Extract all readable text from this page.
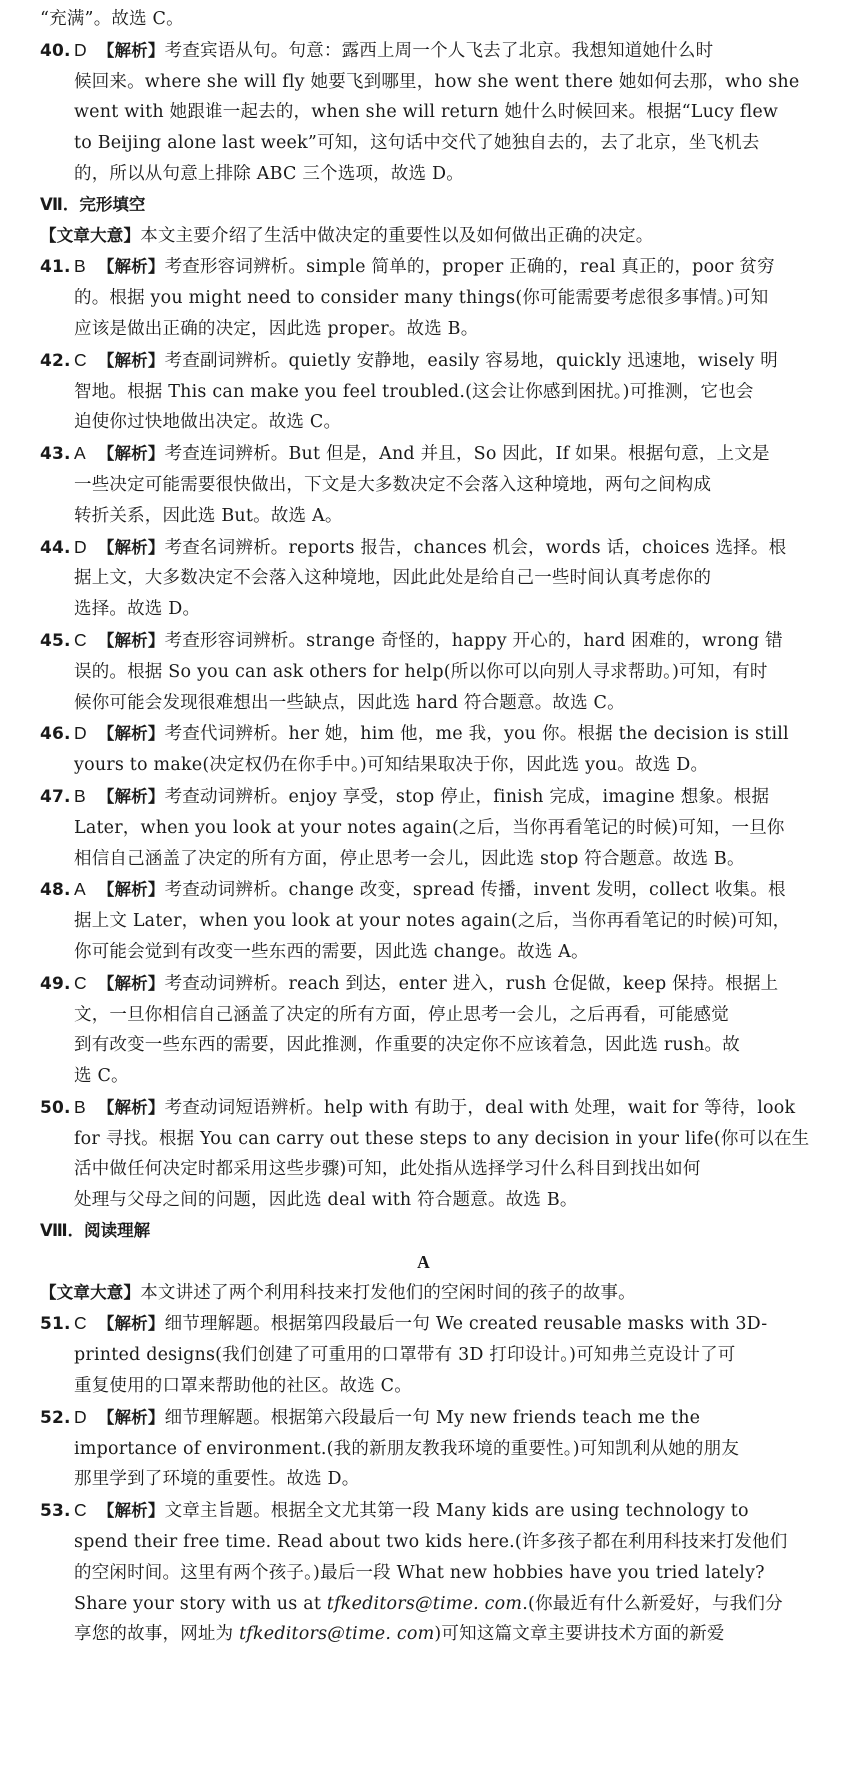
“充满”。故选 C。
40. D 【解析】考查宾语从句。句意：露西上周一个人飞去了北京。我想知道她什么时
候回来。where she will fly 她要飞到哪里，how she went there 她如何去那，who she
went with 她跟谁一起去的，when she will return 她什么时候回来。根据“Lucy flew
to Beijing alone last week”可知，这句话中交代了她独自去的，去了北京，坐飞机去
的，所以从句意上排除 ABC 三个选项，故选 D。
Ⅶ．完形填空
【文章大意】本文主要介绍了生活中做决定的重要性以及如何做出正确的决定。
41. B 【解析】考查形容词辨析。simple 简单的，proper 正确的，real 真正的，poor 贫穷
的。根据 you might need to consider many things(你可能需要考虑很多事情。)可知
应该是做出正确的决定，因此选 proper。故选 B。
42. C 【解析】考查副词辨析。quietly 安静地，easily 容易地，quickly 迅速地，wisely 明
智地。根据 This can make you feel troubled.(这会让你感到困扰。)可推测，它也会
迫使你过快地做出决定。故选 C。
43. A 【解析】考查连词辨析。But 但是，And 并且，So 因此，If 如果。根据句意，上文是
一些决定可能需要很快做出，下文是大多数决定不会落入这种境地，两句之间构成
转折关系，因此选 But。故选 A。
44. D 【解析】考查名词辨析。reports 报告，chances 机会，words 话，choices 选择。根
据上文，大多数决定不会落入这种境地，因此此处是给自己一些时间认真考虑你的
选择。故选 D。
45. C 【解析】考查形容词辨析。strange 奇怪的，happy 开心的，hard 困难的，wrong 错
误的。根据 So you can ask others for help(所以你可以向别人寻求帮助。)可知，有时
候你可能会发现很难想出一些缺点，因此选 hard 符合题意。故选 C。
46. D 【解析】考查代词辨析。her 她，him 他，me 我，you 你。根据 the decision is still
yours to make(决定权仍在你手中。)可知结果取决于你，因此选 you。故选 D。
47. B 【解析】考查动词辨析。enjoy 享受，stop 停止，finish 完成，imagine 想象。根据
Later，when you look at your notes again(之后，当你再看笔记的时候)可知，一旦你
相信自己涵盖了决定的所有方面，停止思考一会儿，因此选 stop 符合题意。故选 B。
48. A 【解析】考查动词辨析。change 改变，spread 传播，invent 发明，collect 收集。根
据上文 Later，when you look at your notes again(之后，当你再看笔记的时候)可知，
你可能会觉到有改变一些东西的需要，因此选 change。故选 A。
49. C 【解析】考查动词辨析。reach 到达，enter 进入，rush 仓促做，keep 保持。根据上
文，一旦你相信自己涵盖了决定的所有方面，停止思考一会儿，之后再看，可能感觉
到有改变一些东西的需要，因此推测，作重要的决定你不应该着急，因此选 rush。故
选 C。
50. B 【解析】考查动词短语辨析。help with 有助于，deal with 处理，wait for 等待，look
for 寻找。根据 You can carry out these steps to any decision in your life(你可以在生
活中做任何决定时都采用这些步骤)可知，此处指从选择学习什么科目到找出如何
处理与父母之间的问题，因此选 deal with 符合题意。故选 B。
Ⅷ．阅读理解
A
【文章大意】本文讲述了两个利用科技来打发他们的空闲时间的孩子的故事。
51. C 【解析】细节理解题。根据第四段最后一句 We created reusable masks with 3D-
printed designs(我们创建了可重用的口罩带有 3D 打印设计。)可知弗兰克设计了可
重复使用的口罩来帮助他的社区。故选 C。
52. D 【解析】细节理解题。根据第六段最后一句 My new friends teach me the
importance of environment.(我的新朋友教我环境的重要性。)可知凯利从她的朋友
那里学到了环境的重要性。故选 D。
53. C 【解析】文章主旨题。根据全文尤其第一段 Many kids are using technology to
spend their free time. Read about two kids here.(许多孩子都在利用科技来打发他们
的空闲时间。这里有两个孩子。)最后一段 What new hobbies have you tried lately?
Share your story with us at tfkeditors@time. com.(你最近有什么新爱好，与我们分
享您的故事，网址为 tfkeditors@time. com)可知这篇文章主要讲技术方面的新爱
